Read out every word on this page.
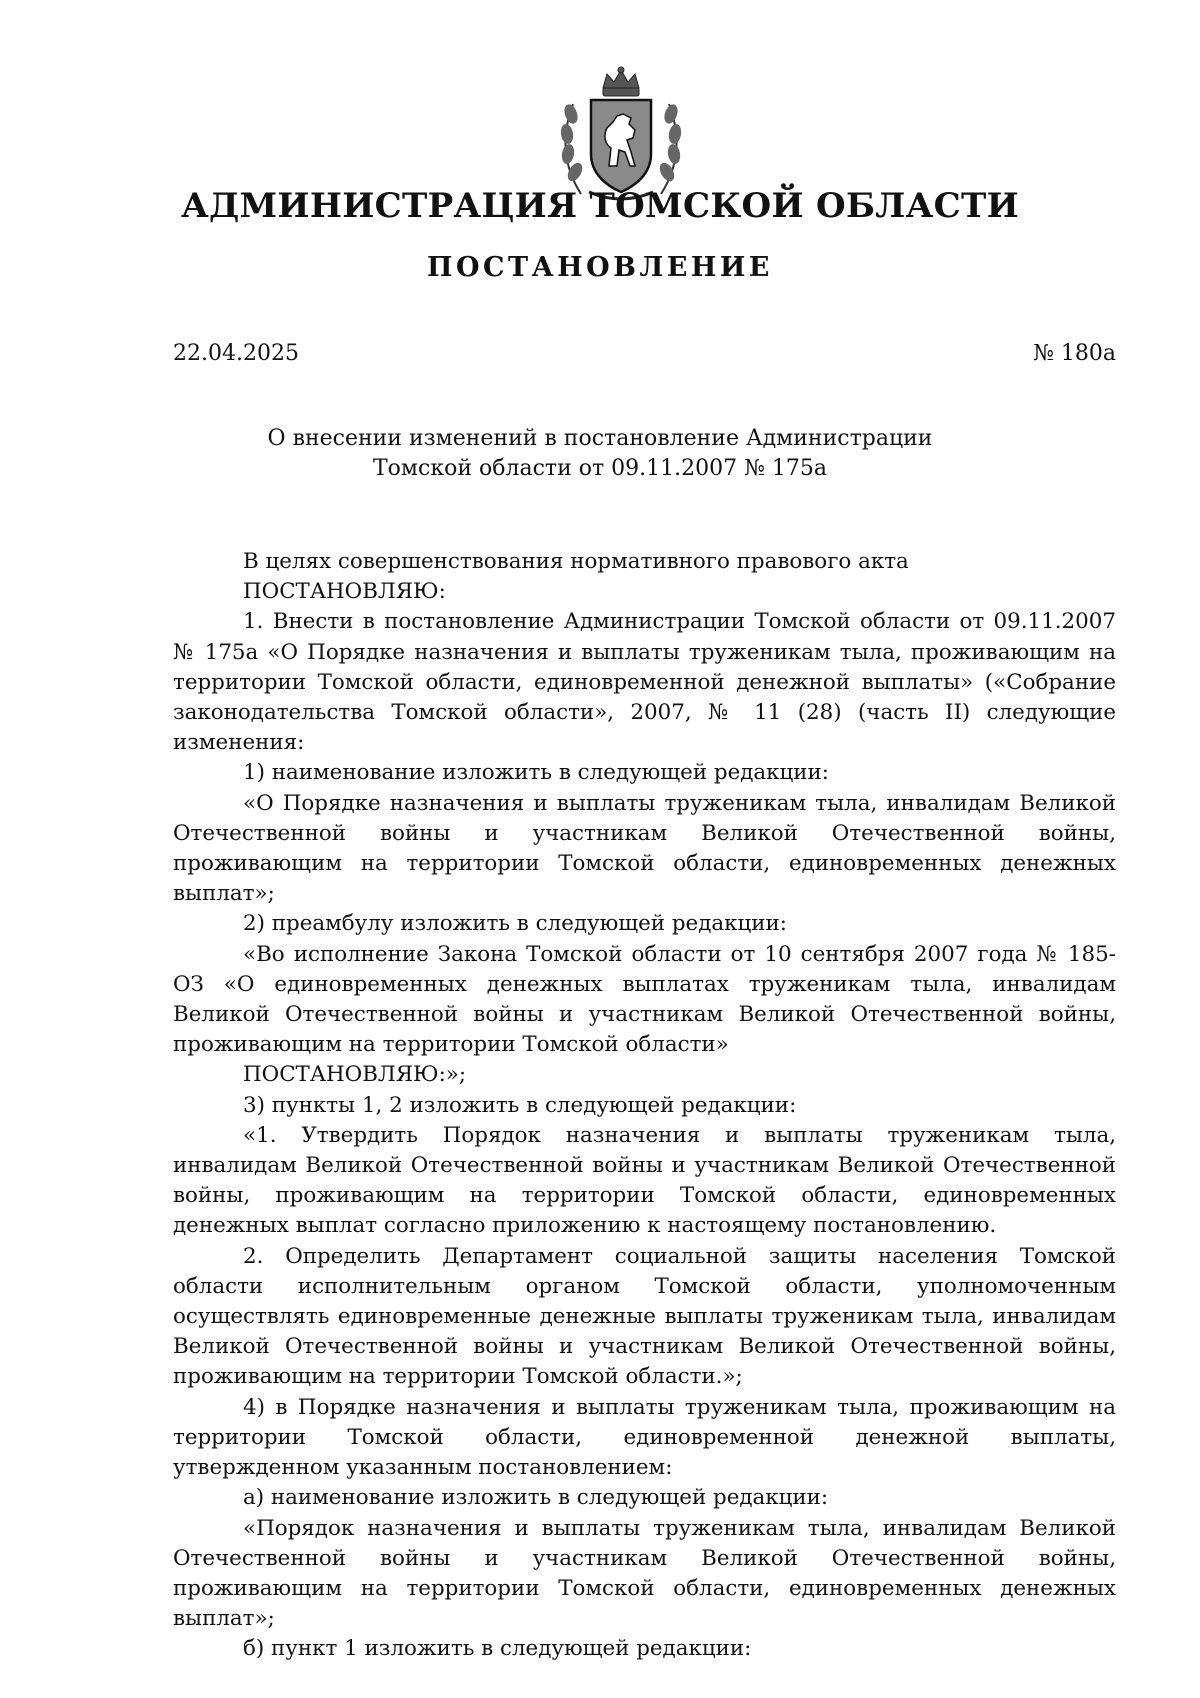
АДМИНИСТРАЦИЯ ТОМСКОЙ ОБЛАСТИ
ПОСТАНОВЛЕНИЕ
22.04.2025	№ 180а
О внесении изменений в постановление Администрации
Томской области от 09.11.2007 № 175а

В целях совершенствования нормативного правового акта

ПОСТАНОВЛЯЮ:

1. Внести в постановление Администрации Томской области от 09.11.2007 № 175а «О Порядке назначения и выплаты труженикам тыла, проживающим на территории Томской области, единовременной денежной выплаты» («Собрание законодательства Томской области», 2007, № 11 (28) (часть II) следующие изменения:

1) наименование изложить в следующей редакции:

«О Порядке назначения и выплаты труженикам тыла, инвалидам Великой Отечественной войны и участникам Великой Отечественной войны, проживающим на территории Томской области, единовременных денежных выплат»;

2) преамбулу изложить в следующей редакции:

«Во исполнение Закона Томской области от 10 сентября 2007 года № 185-ОЗ «О единовременных денежных выплатах труженикам тыла, инвалидам Великой Отечественной войны и участникам Великой Отечественной войны, проживающим на территории Томской области»

ПОСТАНОВЛЯЮ:»;

3) пункты 1, 2 изложить в следующей редакции:

«1. Утвердить Порядок назначения и выплаты труженикам тыла, инвалидам Великой Отечественной войны и участникам Великой Отечественной войны, проживающим на территории Томской области, единовременных денежных выплат согласно приложению к настоящему постановлению.

2. Определить Департамент социальной защиты населения Томской области исполнительным органом Томской области, уполномоченным осуществлять единовременные денежные выплаты труженикам тыла, инвалидам Великой Отечественной войны и участникам Великой Отечественной войны, проживающим на территории Томской области.»;

4) в Порядке назначения и выплаты труженикам тыла, проживающим на территории Томской области, единовременной денежной выплаты, утвержденном указанным постановлением:

а) наименование изложить в следующей редакции:

«Порядок назначения и выплаты труженикам тыла, инвалидам Великой Отечественной войны и участникам Великой Отечественной войны, проживающим на территории Томской области, единовременных денежных выплат»;

б) пункт 1 изложить в следующей редакции:
